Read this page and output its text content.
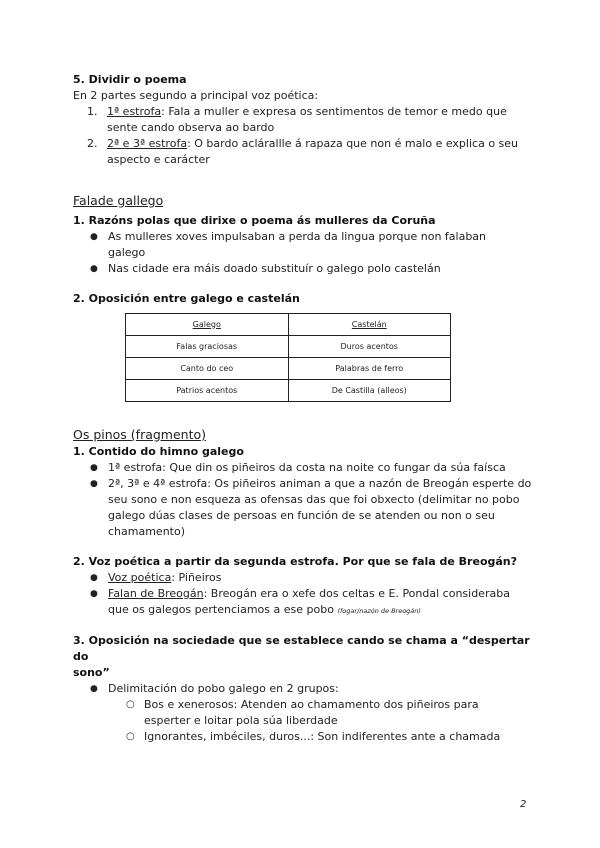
5. Dividir o poema
En 2 partes segundo a principal voz poética:
1. 1ª estrofa: Fala a muller e expresa os sentimentos de temor e medo que
sente cando observa ao bardo
2. 2ª e 3ª estrofa: O bardo aclárallle á rapaza que non é malo e explica o seu
aspecto e carácter
Falade gallego
1. Razóns polas que dirixe o poema ás mulleres da Coruña
● As mulleres xoves impulsaban a perda da lingua porque non falaban
galego
● Nas cidade era máis doado substituír o galego polo castelán
2. Oposición entre galego e castelán
Galego	Castelán
Falas graciosas	Duros acentos
Canto do ceo	Palabras de ferro
Patrios acentos	De Castilla (alleos)
Os pinos (fragmento)
1. Contido do himno galego
● 1ª estrofa: Que din os piñeiros da costa na noite co fungar da súa faísca
● 2ª, 3ª e 4ª estrofa: Os piñeiros animan a que a nazón de Breogán esperte do
seu sono e non esqueza as ofensas das que foi obxecto (delimitar no pobo
galego dúas clases de persoas en función de se atenden ou non o seu
chamamento)
2. Voz poética a partir da segunda estrofa. Por que se fala de Breogán?
● Voz poética: Piñeiros
● Falan de Breogán: Breogán era o xefe dos celtas e E. Pondal consideraba
que os galegos pertenciamos a ese pobo (fogar/nazón de Breogán)
3. Oposición na sociedade que se establece cando se chama a “despertar do
sono”
● Delimitación do pobo galego en 2 grupos:
○ Bos e xenerosos: Atenden ao chamamento dos piñeiros para
esperter e loitar pola súa liberdade
○ Ignorantes, imbéciles, duros...: Son indiferentes ante a chamada
2
